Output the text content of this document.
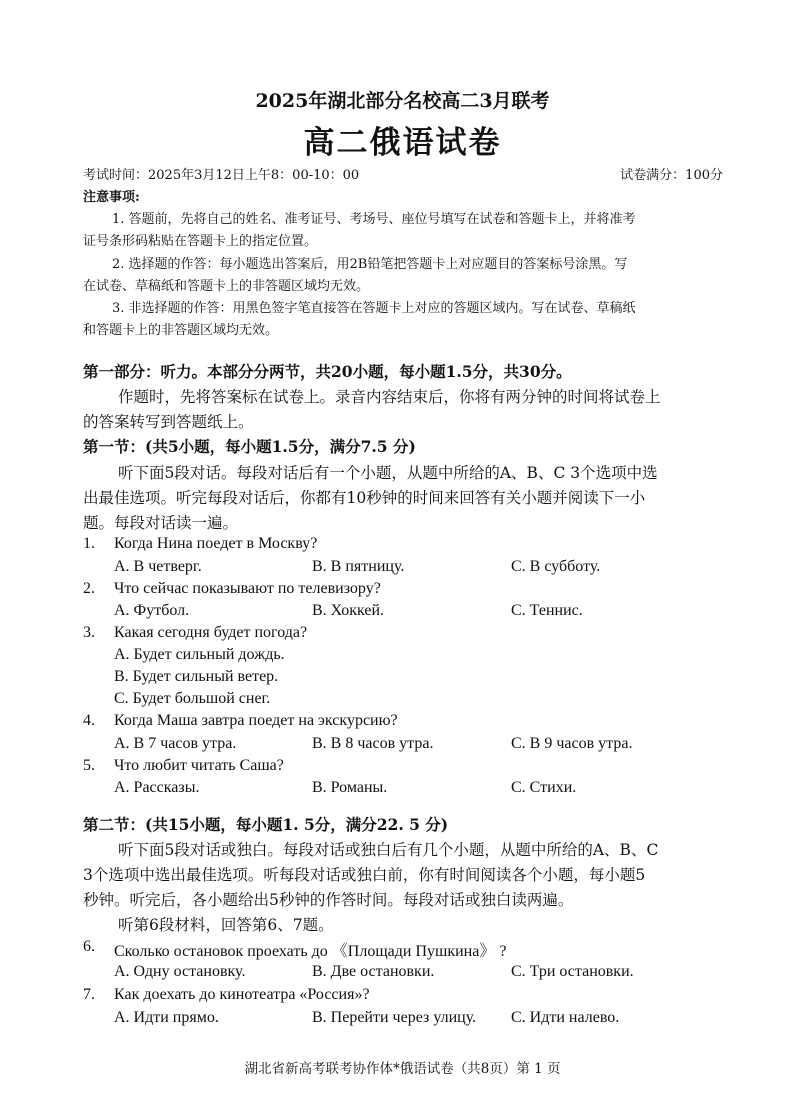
2025年湖北部分名校高二3月联考
高二俄语试卷
考试时间：2025年3月12日上午8：00-10：00	试卷满分：100分
注意事项:
1. 答题前，先将自己的姓名、准考证号、考场号、座位号填写在试卷和答题卡上，并将准考
证号条形码粘贴在答题卡上的指定位置。
2. 选择题的作答：每小题选出答案后，用2B铅笔把答题卡上对应题目的答案标号涂黑。写
在试卷、草稿纸和答题卡上的非答题区域均无效。
3. 非选择题的作答：用黑色签字笔直接答在答题卡上对应的答题区域内。写在试卷、草稿纸
和答题卡上的非答题区域均无效。
第一部分：听力。本部分分两节，共20小题，每小题1.5分，共30分。
作题时，先将答案标在试卷上。录音内容结束后，你将有两分钟的时间将试卷上
的答案转写到答题纸上。
第一节：(共5小题，每小题1.5分，满分7.5 分)
听下面5段对话。每段对话后有一个小题，从题中所给的A、B、C 3个选项中选
出最佳选项。听完每段对话后，你都有10秒钟的时间来回答有关小题并阅读下一小
题。每段对话读一遍。
1. Когда Нина поедет в Москву?
A. В четверг.	B. В пятницу.	C. В субботу.
2. Что сейчас показывают по телевизору?
A. Футбол.	B. Хоккей.	C. Теннис.
3. Какая сегодня будет погода?
A. Будет сильный дождь.
B. Будет сильный ветер.
C. Будет большой снег.
4. Когда Маша завтра поедет на экскурсию?
A. В 7 часов утра.	B. В 8 часов утра.	C. В 9 часов утра.
5. Что любит читать Саша?
A. Рассказы.	B. Романы.	C. Стихи.
第二节：(共15小题，每小题1. 5分，满分22. 5 分)
听下面5段对话或独白。每段对话或独白后有几个小题，从题中所给的A、B、C
3个选项中选出最佳选项。听每段对话或独白前，你有时间阅读各个小题，每小题5
秒钟。听完后，各小题给出5秒钟的作答时间。每段对话或独白读两遍。
听第6段材料，回答第6、7题。
6. Сколько остановок проехать до 《Площади Пушкина》 ?
A. Одну остановку.	B. Две остановки.	C. Три остановки.
7. Как доехать до кинотеатра «Россия»?
A. Идти прямо.	B. Перейти через улицу. C. Идти налево.
湖北省新高考联考协作体*俄语试卷（共8页）第 1 页
